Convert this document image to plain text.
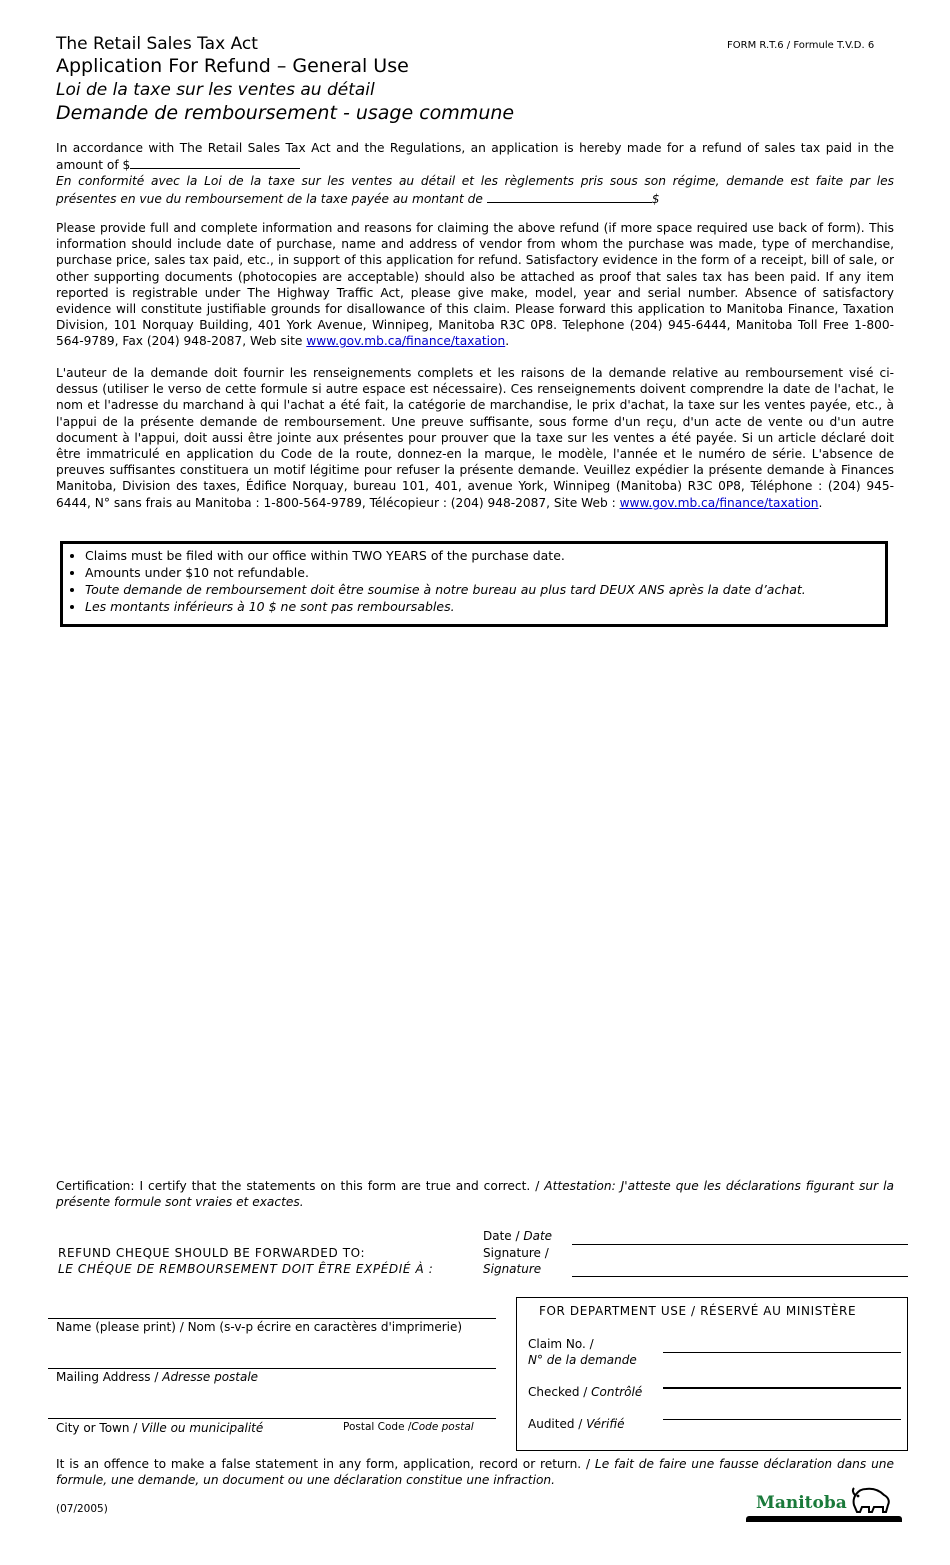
The Retail Sales Tax Act	FORM R.T.6 / Formule T.V.D. 6
Application For Refund – General Use
Loi de la taxe sur les ventes au détail
Demande de remboursement - usage commune
In accordance with The Retail Sales Tax Act and the Regulations, an application is hereby made for a refund of sales tax paid in the
amount of $
En conformité avec la Loi de la taxe sur les ventes au détail et les règlements pris sous son régime, demande est faite par les
présentes en vue du remboursement de la taxe payée au montant de	$
Please provide full and complete information and reasons for claiming the above refund (if more space required use back of form). This information should include date of purchase, name and address of vendor from whom the purchase was made, type of merchandise, purchase price, sales tax paid, etc., in support of this application for refund. Satisfactory evidence in the form of a receipt, bill of sale, or other supporting documents (photocopies are acceptable) should also be attached as proof that sales tax has been paid. If any item reported is registrable under The Highway Traffic Act, please give make, model, year and serial number. Absence of satisfactory evidence will constitute justifiable grounds for disallowance of this claim. Please forward this application to Manitoba Finance, Taxation Division, 101 Norquay Building, 401 York Avenue, Winnipeg, Manitoba R3C 0P8. Telephone (204) 945-6444, Manitoba Toll Free 1-800-564-9789, Fax (204) 948-2087, Web site www.gov.mb.ca/finance/taxation.
L'auteur de la demande doit fournir les renseignements complets et les raisons de la demande relative au remboursement visé ci-dessus (utiliser le verso de cette formule si autre espace est nécessaire). Ces renseignements doivent comprendre la date de l'achat, le nom et l'adresse du marchand à qui l'achat a été fait, la catégorie de marchandise, le prix d'achat, la taxe sur les ventes payée, etc., à l'appui de la présente demande de remboursement. Une preuve suffisante, sous forme d'un reçu, d'un acte de vente ou d'un autre document à l'appui, doit aussi être jointe aux présentes pour prouver que la taxe sur les ventes a été payée. Si un article déclaré doit être immatriculé en application du Code de la route, donnez-en la marque, le modèle, l'année et le numéro de série. L'absence de preuves suffisantes constituera un motif légitime pour refuser la présente demande. Veuillez expédier la présente demande à Finances Manitoba, Division des taxes, Édifice Norquay, bureau 101, 401, avenue York, Winnipeg (Manitoba) R3C 0P8, Téléphone : (204) 945-6444, N° sans frais au Manitoba : 1-800-564-9789, Télécopieur : (204) 948-2087, Site Web : www.gov.mb.ca/finance/taxation.
• Claims must be filed with our office within TWO YEARS of the purchase date.
• Amounts under $10 not refundable.
• Toute demande de remboursement doit être soumise à notre bureau au plus tard DEUX ANS après la date d’achat.
• Les montants inférieurs à 10 $ ne sont pas remboursables.
Certification: I certify that the statements on this form are true and correct. / Attestation: J'atteste que les déclarations figurant sur la présente formule sont vraies et exactes.
Date / Date
Signature /
Signature
REFUND CHEQUE SHOULD BE FORWARDED TO:
LE CHÉQUE DE REMBOURSEMENT DOIT ÊTRE EXPÉDIÉ À :
Name (please print) / Nom (s-v-p écrire en caractères d'imprimerie)
Mailing Address / Adresse postale
City or Town / Ville ou municipalité	Postal Code /Code postal
FOR DEPARTMENT USE / RÉSERVÉ AU MINISTÈRE
Claim No. /
N° de la demande
Checked / Contrôlé
Audited / Vérifié
It is an offence to make a false statement in any form, application, record or return. / Le fait de faire une fausse déclaration dans une formule, une demande, un document ou une déclaration constitue une infraction.
(07/2005)	Manitoba
